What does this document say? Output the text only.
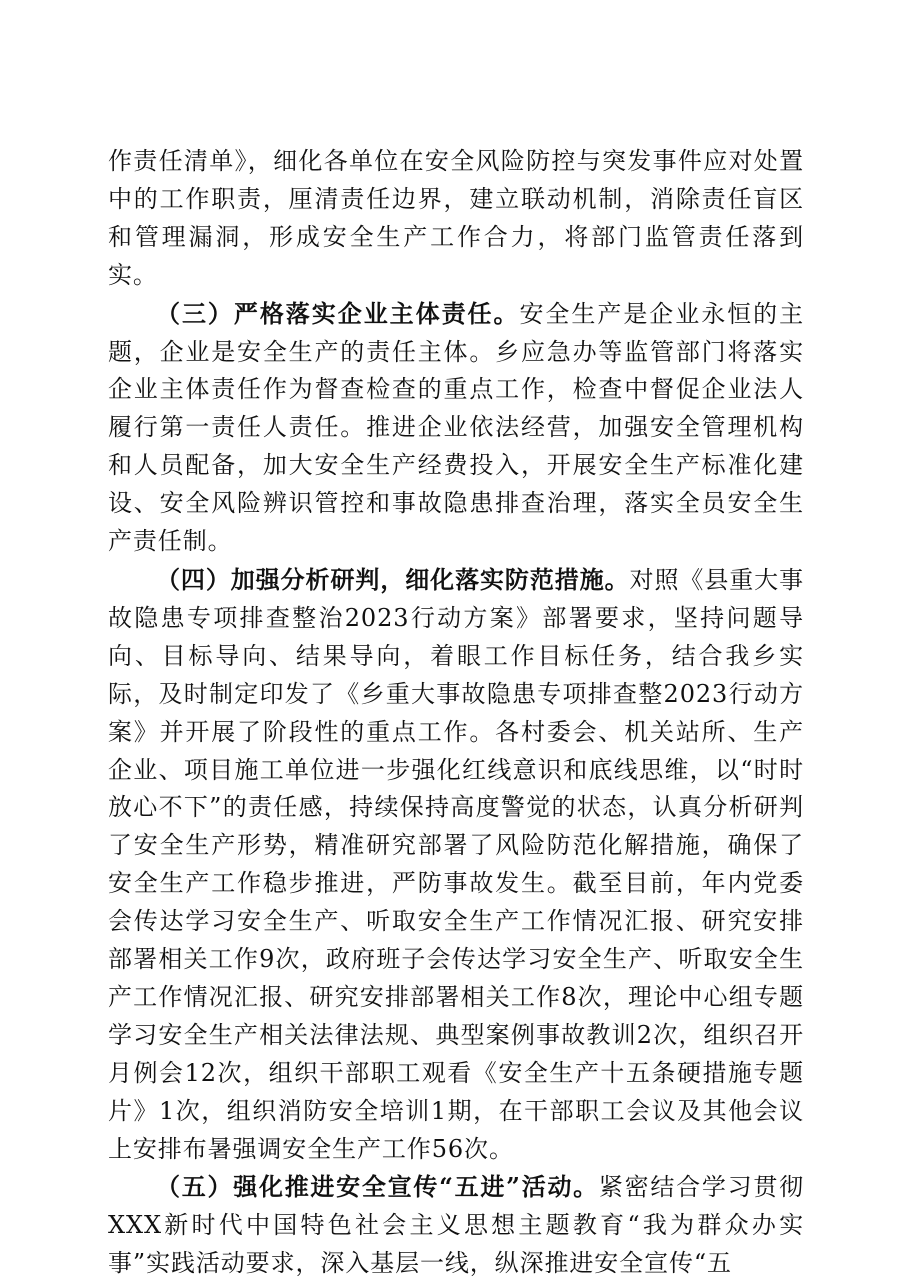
作责任清单》，细化各单位在安全风险防控与突发事件应对处置中的工作职责，厘清责任边界，建立联动机制，消除责任盲区和管理漏洞，形成安全生产工作合力，将部门监管责任落到实。

（三）严格落实企业主体责任。安全生产是企业永恒的主题，企业是安全生产的责任主体。乡应急办等监管部门将落实企业主体责任作为督查检查的重点工作，检查中督促企业法人履行第一责任人责任。推进企业依法经营，加强安全管理机构和人员配备，加大安全生产经费投入，开展安全生产标准化建设、安全风险辨识管控和事故隐患排查治理，落实全员安全生产责任制。

（四）加强分析研判，细化落实防范措施。对照《县重大事故隐患专项排查整治2023行动方案》部署要求，坚持问题导向、目标导向、结果导向，着眼工作目标任务，结合我乡实际，及时制定印发了《乡重大事故隐患专项排查整2023行动方案》并开展了阶段性的重点工作。各村委会、机关站所、生产企业、项目施工单位进一步强化红线意识和底线思维，以“时时放心不下”的责任感，持续保持高度警觉的状态，认真分析研判了安全生产形势，精准研究部署了风险防范化解措施，确保了安全生产工作稳步推进，严防事故发生。截至目前，年内党委会传达学习安全生产、听取安全生产工作情况汇报、研究安排部署相关工作9次，政府班子会传达学习安全生产、听取安全生产工作情况汇报、研究安排部署相关工作8次，理论中心组专题学习安全生产相关法律法规、典型案例事故教训2次，组织召开月例会12次，组织干部职工观看《安全生产十五条硬措施专题片》1次，组织消防安全培训1期，在干部职工会议及其他会议上安排布暑强调安全生产工作56次。

（五）强化推进安全宣传“五进”活动。紧密结合学习贯彻XXX新时代中国特色社会主义思想主题教育“我为群众办实事”实践活动要求，深入基层一线，纵深推进安全宣传“五
